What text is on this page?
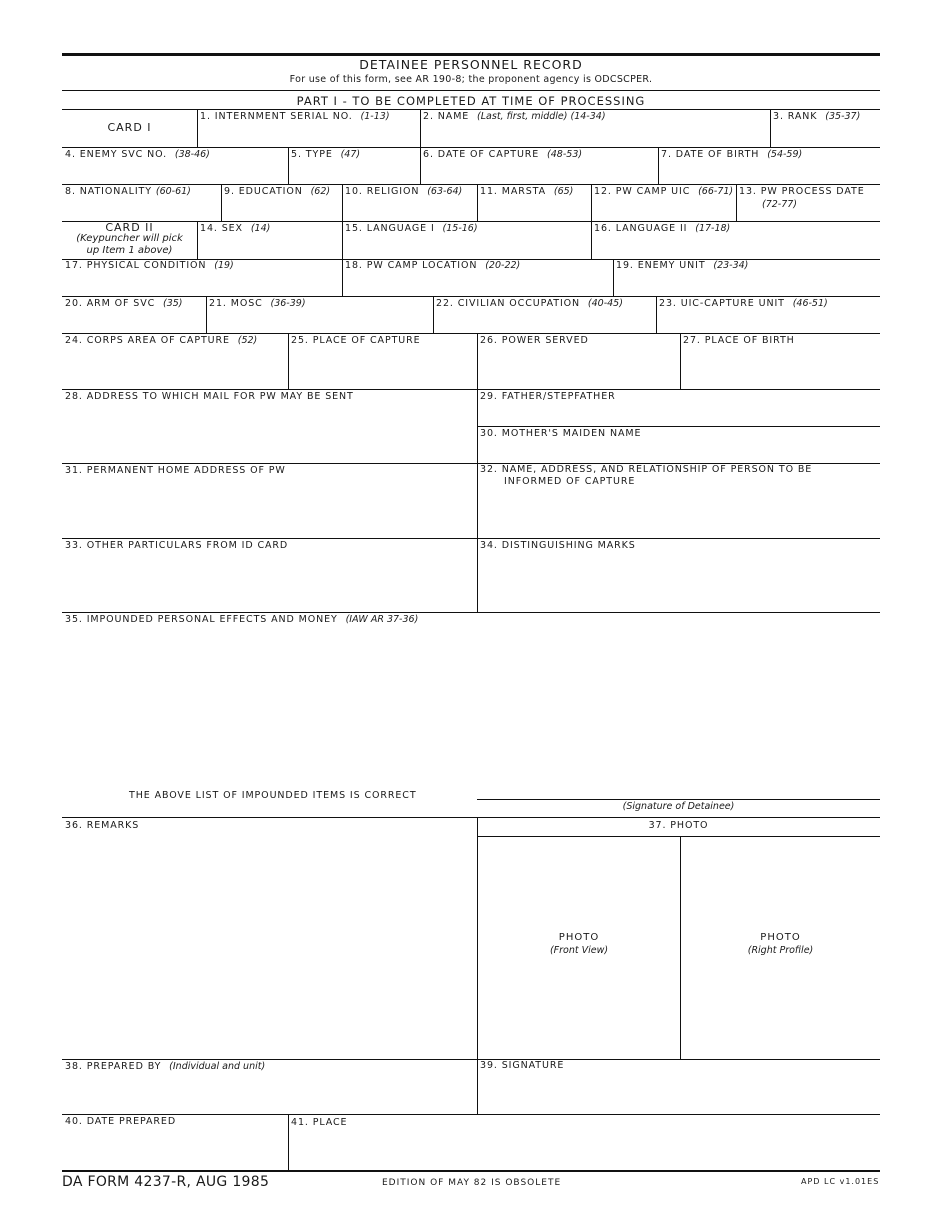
DETAINEE PERSONNEL RECORD
For use of this form, see AR 190-8; the proponent agency is ODCSCPER.
PART I - TO BE COMPLETED AT TIME OF PROCESSING
CARD I
CARD II
(Keypuncher will pick
up Item 1 above)
1. INTERNMENT SERIAL NO. (1-13)	2. NAME (Last, first, middle) (14-34)	3. RANK (35-37)
4. ENEMY SVC NO. (38-46)	5. TYPE (47)	6. DATE OF CAPTURE (48-53)	7. DATE OF BIRTH (54-59)
8. NATIONALITY (60-61)	9. EDUCATION (62) 10. RELIGION (63-64) 11. MARSTA (65) 12. PW CAMP UIC (66-71) 13. PW PROCESS DATE
(72-77)
14. SEX (14)	15. LANGUAGE I (15-16)	16. LANGUAGE II (17-18)
17. PHYSICAL CONDITION (19)	18. PW CAMP LOCATION (20-22)	19. ENEMY UNIT (23-34)
20. ARM OF SVC (35)	21. MOSC (36-39)	22. CIVILIAN OCCUPATION (40-45)	23. UIC-CAPTURE UNIT (46-51)
24. CORPS AREA OF CAPTURE (52)	25. PLACE OF CAPTURE	26. POWER SERVED	27. PLACE OF BIRTH
28. ADDRESS TO WHICH MAIL FOR PW MAY BE SENT	29. FATHER/STEPFATHER
30. MOTHER'S MAIDEN NAME
31. PERMANENT HOME ADDRESS OF PW	32. NAME, ADDRESS, AND RELATIONSHIP OF PERSON TO BE
INFORMED OF CAPTURE
33. OTHER PARTICULARS FROM ID CARD	34. DISTINGUISHING MARKS
35. IMPOUNDED PERSONAL EFFECTS AND MONEY (IAW AR 37-36)
THE ABOVE LIST OF IMPOUNDED ITEMS IS CORRECT
(Signature of Detainee)
36. REMARKS	37. PHOTO
PHOTO
(Front View)
PHOTO
(Right Profile)
38. PREPARED BY (Individual and unit)	39. SIGNATURE
40. DATE PREPARED	41. PLACE
DA FORM 4237-R, AUG 1985	EDITION OF MAY 82 IS OBSOLETE	APD LC v1.01ES
